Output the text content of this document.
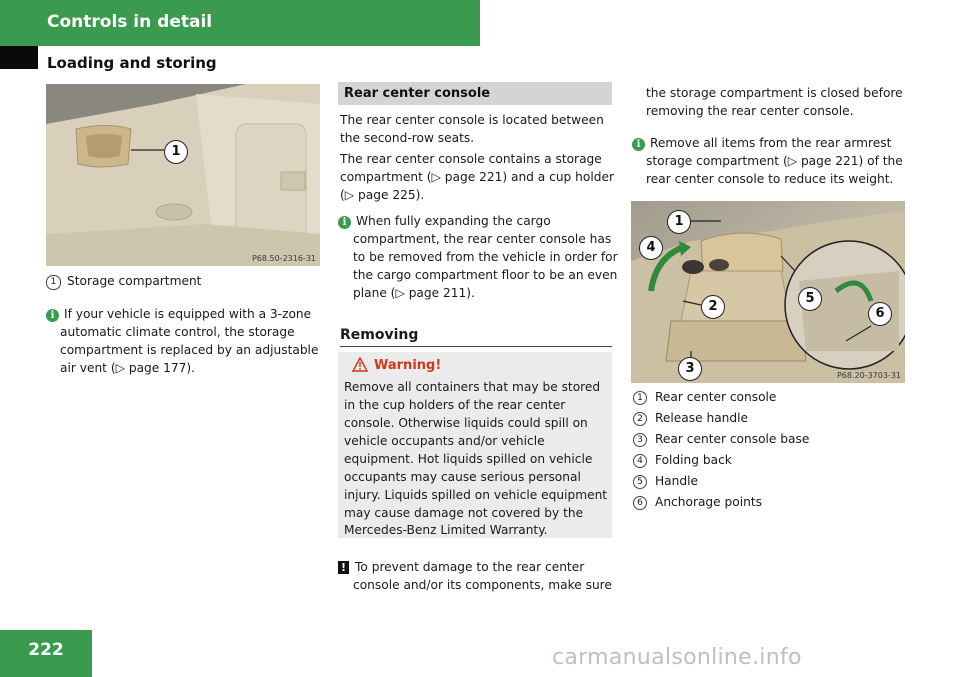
Controls in detail
Loading and storing
1
P68.50-2316-31
1 Storage compartment
i If your vehicle is equipped with a 3-zone
automatic climate control, the storage
compartment is replaced by an adjustable
air vent (▷ page 177).
Rear center console
The rear center console is located between
the second-row seats.
The rear center console contains a storage
compartment (▷ page 221) and a cup holder
(▷ page 225).
i When fully expanding the cargo
compartment, the rear center console has
to be removed from the vehicle in order for
the cargo compartment floor to be an even
plane (▷ page 211).
Removing
Warning!
Remove all containers that may be stored
in the cup holders of the rear center
console. Otherwise liquids could spill on
vehicle occupants and/or vehicle
equipment. Hot liquids spilled on vehicle
occupants may cause serious personal
injury. Liquids spilled on vehicle equipment
may cause damage not covered by the
Mercedes-Benz Limited Warranty.
! To prevent damage to the rear center
console and/or its components, make sure
the storage compartment is closed before
removing the rear center console.
i Remove all items from the rear armrest
storage compartment (▷ page 221) of the
rear center console to reduce its weight.
1
2
3
4
5
6
P68.20-3703-31
1 Rear center console
2 Release handle
3 Rear center console base
4 Folding back
5 Handle
6 Anchorage points
222	carmanualsonline.info
